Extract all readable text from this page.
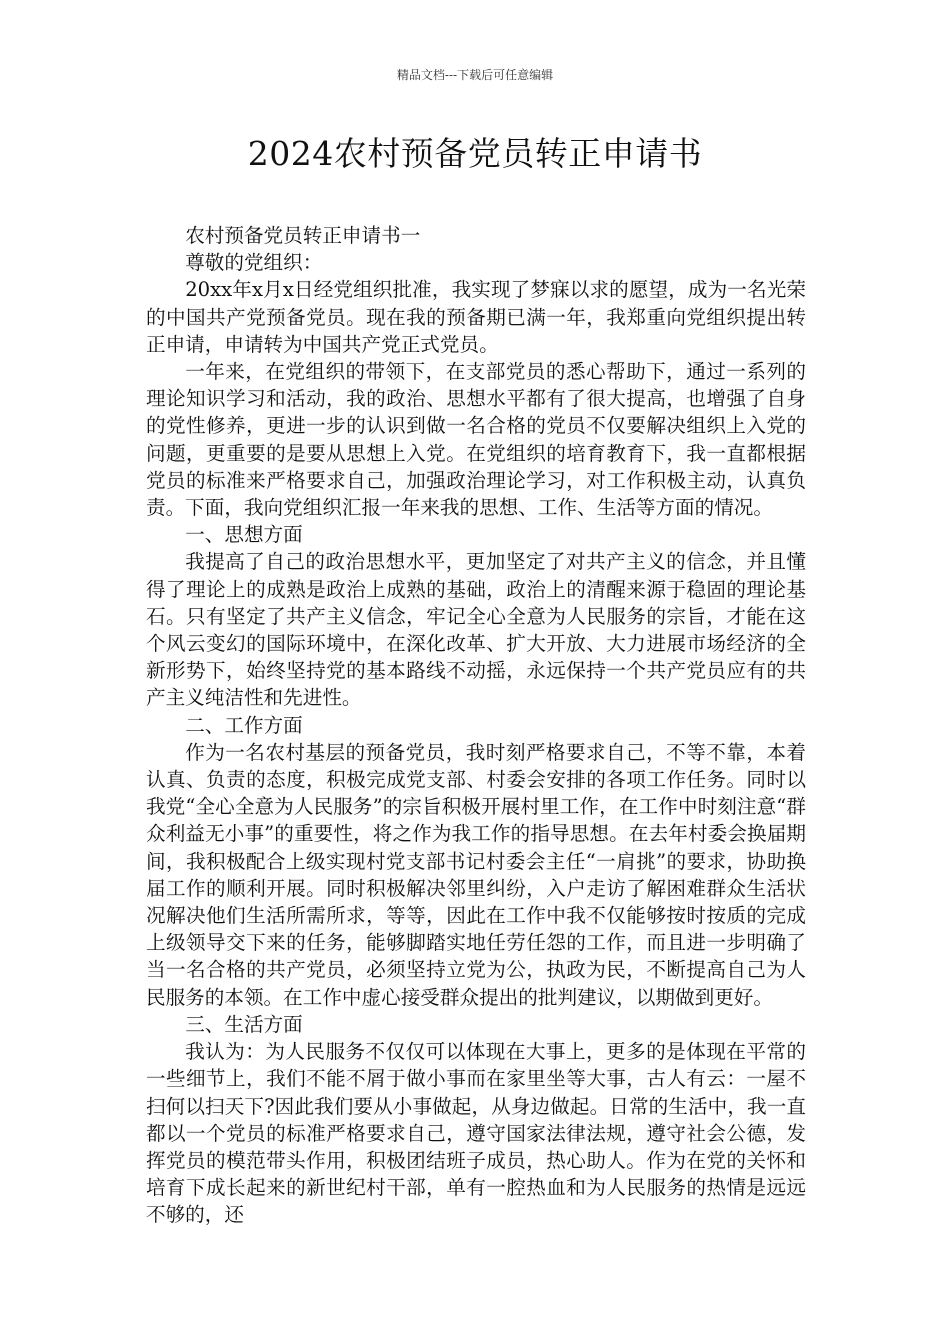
精品文档---下载后可任意编辑
2024农村预备党员转正申请书

农村预备党员转正申请书一

尊敬的党组织：

20xx年x月x日经党组织批准，我实现了梦寐以求的愿望，成为一名光荣的中国共产党预备党员。现在我的预备期已满一年，我郑重向党组织提出转正申请，申请转为中国共产党正式党员。

一年来，在党组织的带领下，在支部党员的悉心帮助下，通过一系列的理论知识学习和活动，我的政治、思想水平都有了很大提高，也增强了自身的党性修养，更进一步的认识到做一名合格的党员不仅要解决组织上入党的问题，更重要的是要从思想上入党。在党组织的培育教育下，我一直都根据党员的标准来严格要求自己，加强政治理论学习，对工作积极主动，认真负责。下面，我向党组织汇报一年来我的思想、工作、生活等方面的情况。

一、思想方面

我提高了自己的政治思想水平，更加坚定了对共产主义的信念，并且懂得了理论上的成熟是政治上成熟的基础，政治上的清醒来源于稳固的理论基石。只有坚定了共产主义信念，牢记全心全意为人民服务的宗旨，才能在这个风云变幻的国际环境中，在深化改革、扩大开放、大力进展市场经济的全新形势下，始终坚持党的基本路线不动摇，永远保持一个共产党员应有的共产主义纯洁性和先进性。

二、工作方面

作为一名农村基层的预备党员，我时刻严格要求自己，不等不靠，本着认真、负责的态度，积极完成党支部、村委会安排的各项工作任务。同时以我党“全心全意为人民服务”的宗旨积极开展村里工作，在工作中时刻注意“群众利益无小事”的重要性，将之作为我工作的指导思想。在去年村委会换届期间，我积极配合上级实现村党支部书记村委会主任“一肩挑”的要求，协助换届工作的顺利开展。同时积极解决邻里纠纷，入户走访了解困难群众生活状况解决他们生活所需所求，等等，因此在工作中我不仅能够按时按质的完成上级领导交下来的任务，能够脚踏实地任劳任怨的工作，而且进一步明确了当一名合格的共产党员，必须坚持立党为公，执政为民，不断提高自己为人民服务的本领。在工作中虚心接受群众提出的批判建议，以期做到更好。

三、生活方面

我认为：为人民服务不仅仅可以体现在大事上，更多的是体现在平常的一些细节上，我们不能不屑于做小事而在家里坐等大事，古人有云：一屋不扫何以扫天下?因此我们要从小事做起，从身边做起。日常的生活中，我一直都以一个党员的标准严格要求自己，遵守国家法律法规，遵守社会公德，发挥党员的模范带头作用，积极团结班子成员，热心助人。作为在党的关怀和培育下成长起来的新世纪村干部，单有一腔热血和为人民服务的热情是远远不够的，还
